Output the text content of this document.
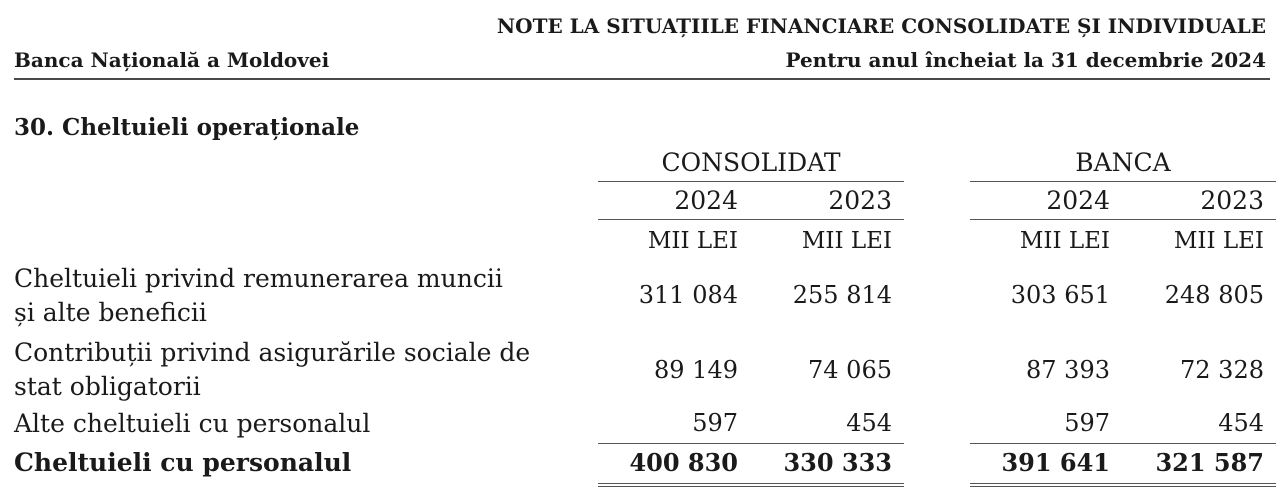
NOTE LA SITUAȚIILE FINANCIARE CONSOLIDATE ȘI INDIVIDUALE
Banca Națională a Moldovei	Pentru anul încheiat la 31 decembrie 2024
30. Cheltuieli operaționale
CONSOLIDAT	BANCA
2024	2023	2024	2023
MII LEI	MII LEI	MII LEI	MII LEI
Cheltuieli privind remunerarea muncii
și alte beneficii
311 084	255 814	303 651	248 805
Contribuții privind asigurările sociale de
stat obligatorii
89 149	74 065	87 393	72 328
Alte cheltuieli cu personalul	597	454	597	454
Cheltuieli cu personalul	400 830	330 333	391 641	321 587
